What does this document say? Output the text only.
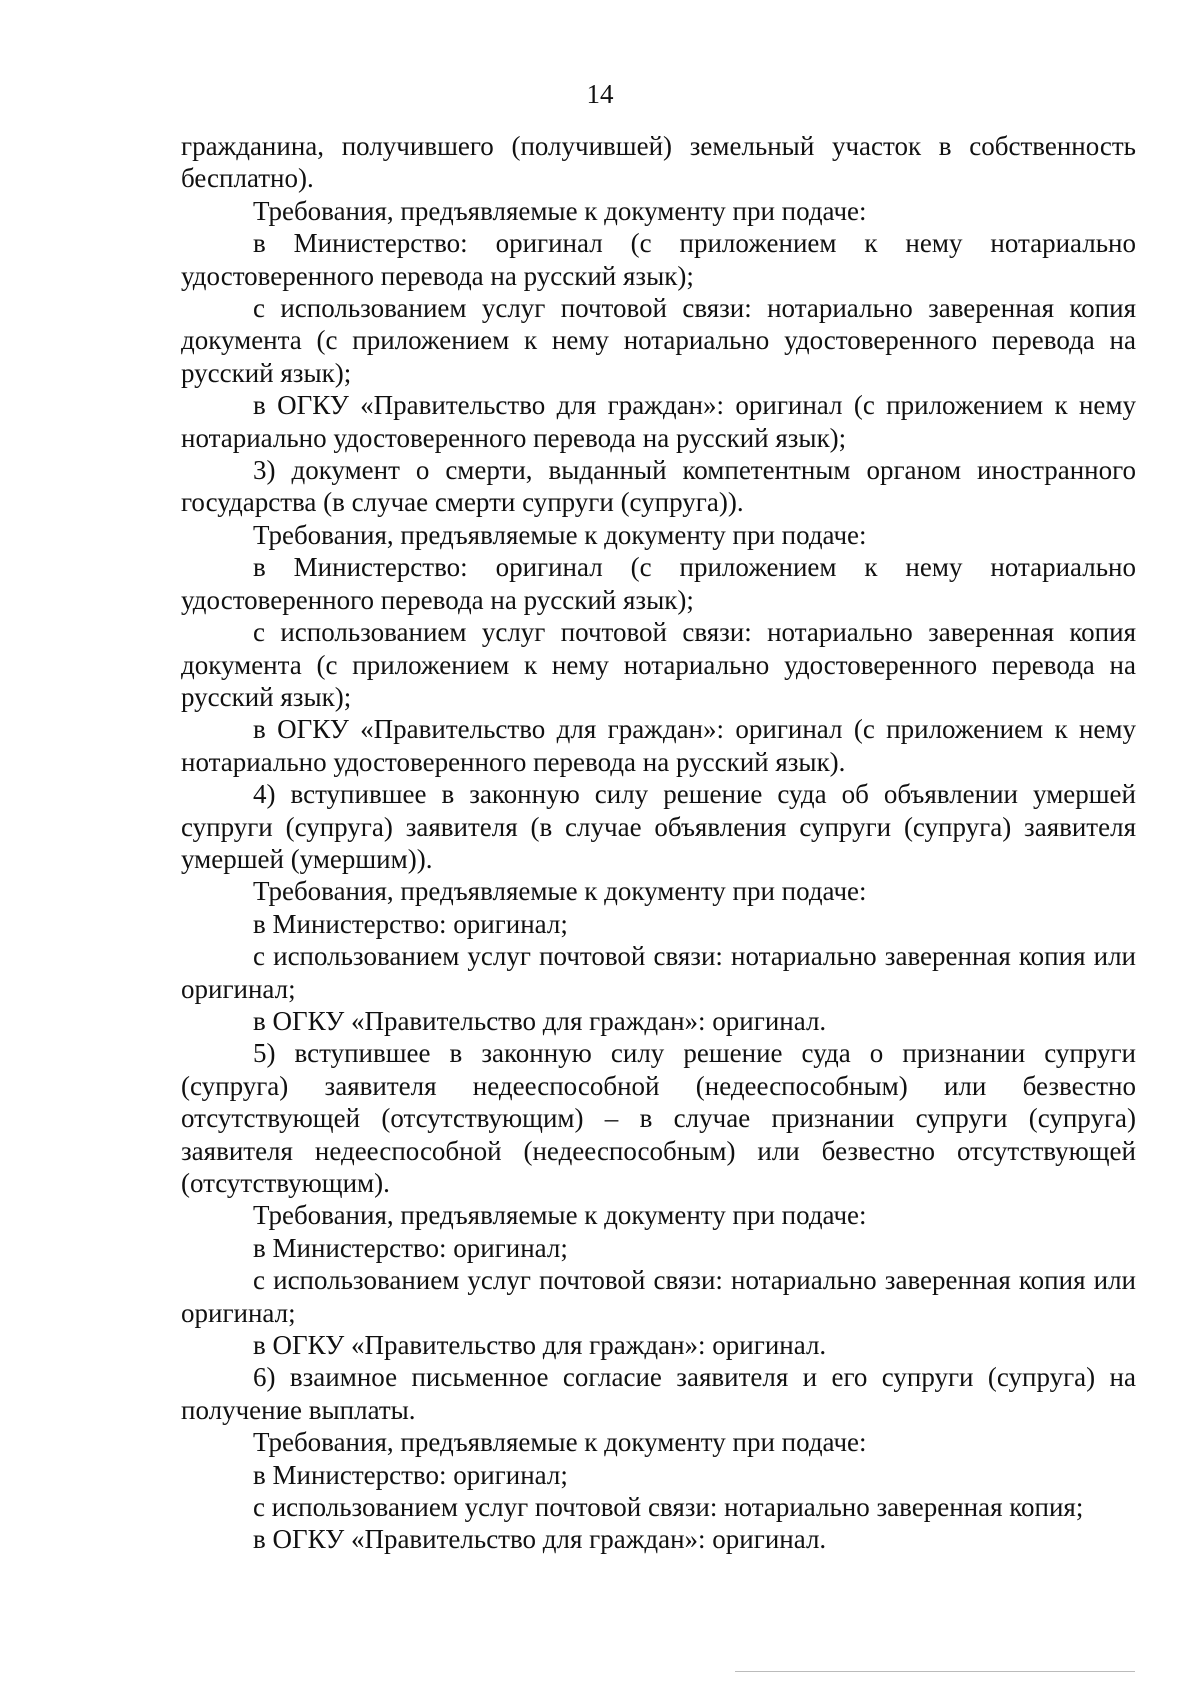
14

гражданина, получившего (получившей) земельный участок в собственность бесплатно).

Требования, предъявляемые к документу при подаче:

в Министерство: оригинал (с приложением к нему нотариально удостоверенного перевода на русский язык);

с использованием услуг почтовой связи: нотариально заверенная копия документа (с приложением к нему нотариально удостоверенного перевода на русский язык);

в ОГКУ «Правительство для граждан»: оригинал (с приложением к нему нотариально удостоверенного перевода на русский язык);

3) документ о смерти, выданный компетентным органом иностранного государства (в случае смерти супруги (супруга)).

Требования, предъявляемые к документу при подаче:

в Министерство: оригинал (с приложением к нему нотариально удостоверенного перевода на русский язык);

с использованием услуг почтовой связи: нотариально заверенная копия документа (с приложением к нему нотариально удостоверенного перевода на русский язык);

в ОГКУ «Правительство для граждан»: оригинал (с приложением к нему нотариально удостоверенного перевода на русский язык).

4) вступившее в законную силу решение суда об объявлении умершей супруги (супруга) заявителя (в случае объявления супруги (супруга) заявителя умершей (умершим)).

Требования, предъявляемые к документу при подаче:

в Министерство: оригинал;

с использованием услуг почтовой связи: нотариально заверенная копия или оригинал;

в ОГКУ «Правительство для граждан»: оригинал.

5) вступившее в законную силу решение суда о признании супруги (супруга) заявителя недееспособной (недееспособным) или безвестно отсутствующей (отсутствующим) – в случае признании супруги (супруга) заявителя недееспособной (недееспособным) или безвестно отсутствующей (отсутствующим).

Требования, предъявляемые к документу при подаче:

в Министерство: оригинал;

с использованием услуг почтовой связи: нотариально заверенная копия или оригинал;

в ОГКУ «Правительство для граждан»: оригинал.

6) взаимное письменное согласие заявителя и его супруги (супруга) на получение выплаты.

Требования, предъявляемые к документу при подаче:

в Министерство: оригинал;

с использованием услуг почтовой связи: нотариально заверенная копия;

в ОГКУ «Правительство для граждан»: оригинал.
